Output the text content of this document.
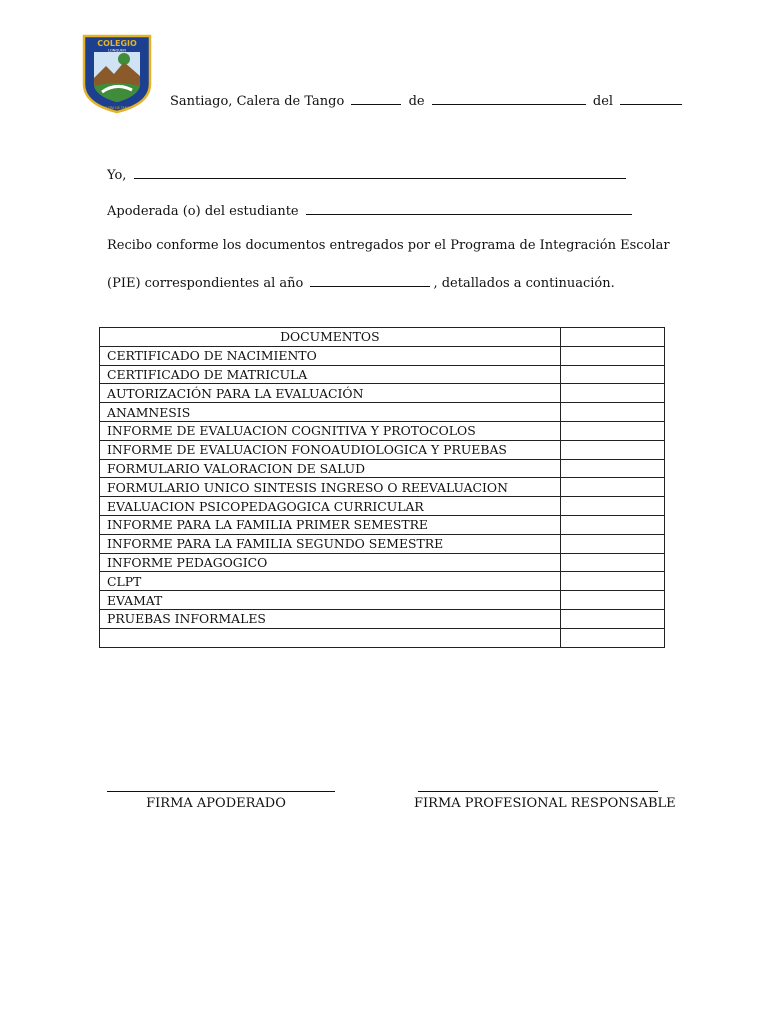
COLEGIO
LONQUEN
CALERA DE TANGO	Santiago, Calera de Tango	de	del
Yo,
Apoderada (o) del estudiante
Recibo conforme los documentos entregados por el Programa de Integración Escolar
(PIE) correspondientes al año	, detallados a continuación.
DOCUMENTOS	
CERTIFICADO DE NACIMIENTO	
CERTIFICADO DE MATRICULA	
AUTORIZACIÓN PARA LA EVALUACIÓN	
ANAMNESIS	
INFORME DE EVALUACION COGNITIVA Y PROTOCOLOS	
INFORME DE EVALUACION FONOAUDIOLOGICA Y PRUEBAS	
FORMULARIO VALORACION DE SALUD	
FORMULARIO UNICO SINTESIS INGRESO O REEVALUACION	
EVALUACION PSICOPEDAGOGICA CURRICULAR	
INFORME PARA LA FAMILIA PRIMER SEMESTRE	
INFORME PARA LA FAMILIA SEGUNDO SEMESTRE	
INFORME PEDAGOGICO	
CLPT	
EVAMAT	
PRUEBAS INFORMALES	

FIRMA APODERADO	FIRMA PROFESIONAL RESPONSABLE
